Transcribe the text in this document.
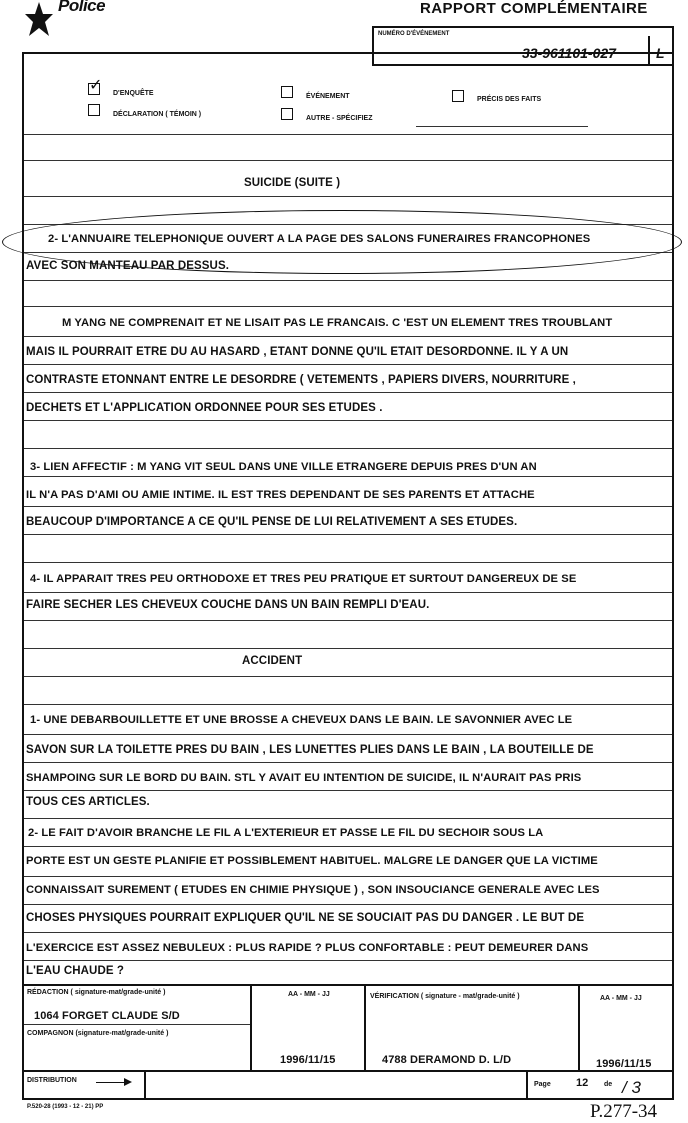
Police	RAPPORT COMPLÉMENTAIRE
NUMÉRO D'ÉVÉNEMENT
33-961101-027	L
✓ D'ENQUÊTE	ÉVÉNEMENT	PRÉCIS DES FAITS
DÉCLARATION ( TÉMOIN )
AUTRE - SPÉCIFIEZ
SUICIDE (SUITE )
2- L'ANNUAIRE TELEPHONIQUE OUVERT A LA PAGE DES SALONS FUNERAIRES FRANCOPHONES
AVEC SON MANTEAU PAR DESSUS.
M YANG NE COMPRENAIT ET NE LISAIT PAS LE FRANCAIS. C 'EST UN ELEMENT TRES TROUBLANT
MAIS IL POURRAIT ETRE DU AU HASARD , ETANT DONNE QU'IL ETAIT DESORDONNE. IL Y A UN
CONTRASTE ETONNANT ENTRE LE DESORDRE ( VETEMENTS , PAPIERS DIVERS, NOURRITURE ,
DECHETS ET L'APPLICATION ORDONNEE POUR SES ETUDES .
3- LIEN AFFECTIF : M YANG VIT SEUL DANS UNE VILLE ETRANGERE DEPUIS PRES D'UN AN
IL N'A PAS D'AMI OU AMIE INTIME. IL EST TRES DEPENDANT DE SES PARENTS ET ATTACHE
BEAUCOUP D'IMPORTANCE A CE QU'IL PENSE DE LUI RELATIVEMENT A SES ETUDES.
4- IL APPARAIT TRES PEU ORTHODOXE ET TRES PEU PRATIQUE ET SURTOUT DANGEREUX DE SE
FAIRE SECHER LES CHEVEUX COUCHE DANS UN BAIN REMPLI D'EAU.
ACCIDENT
1- UNE DEBARBOUILLETTE ET UNE BROSSE A CHEVEUX DANS LE BAIN. LE SAVONNIER AVEC LE
SAVON SUR LA TOILETTE PRES DU BAIN , LES LUNETTES PLIES DANS LE BAIN , LA BOUTEILLE DE
SHAMPOING SUR LE BORD DU BAIN. STL Y AVAIT EU INTENTION DE SUICIDE, IL N'AURAIT PAS PRIS
TOUS CES ARTICLES.
2- LE FAIT D'AVOIR BRANCHE LE FIL A L'EXTERIEUR ET PASSE LE FIL DU SECHOIR SOUS LA
PORTE EST UN GESTE PLANIFIE ET POSSIBLEMENT HABITUEL. MALGRE LE DANGER QUE LA VICTIME
CONNAISSAIT SUREMENT ( ETUDES EN CHIMIE PHYSIQUE ) , SON INSOUCIANCE GENERALE AVEC LES
CHOSES PHYSIQUES POURRAIT EXPLIQUER QU'IL NE SE SOUCIAIT PAS DU DANGER . LE BUT DE
L'EXERCICE EST ASSEZ NEBULEUX : PLUS RAPIDE ? PLUS CONFORTABLE : PEUT DEMEURER DANS
L'EAU CHAUDE ?
RÉDACTION ( signature-mat/grade-unité )	AA - MM - JJ
1064 FORGET CLAUDE S/D
COMPAGNON (signature-mat/grade-unité )
1996/11/15
VÉRIFICATION ( signature - mat/grade-unité )	AA - MM - JJ
4788 DERAMOND D. L/D	1996/11/15
DISTRIBUTION
Page 12 de / 3
P.520-28 (1993 - 12 - 21) PP	P.277-34
